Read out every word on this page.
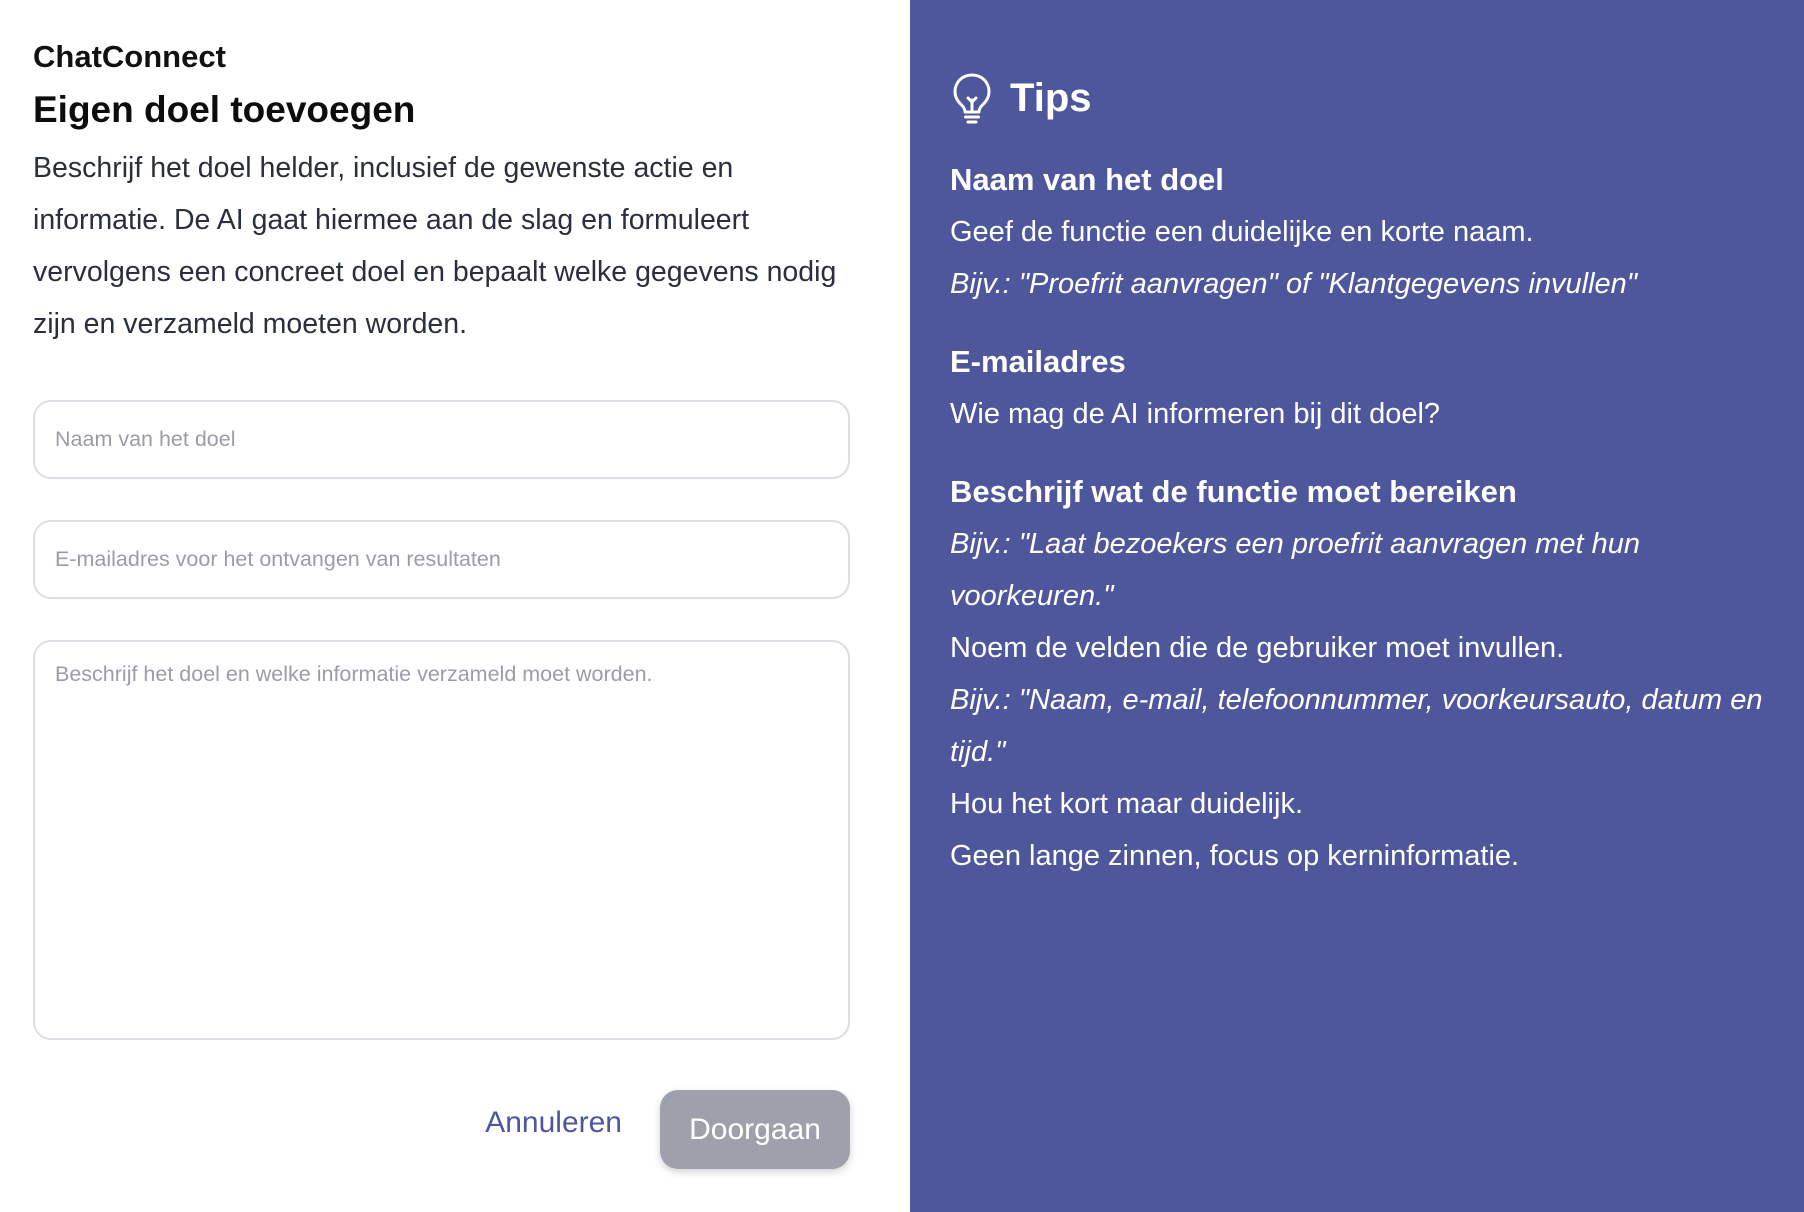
ChatConnect
Eigen doel toevoegen

Beschrijf het doel helder, inclusief de gewenste actie en informatie. De AI gaat hiermee aan de slag en formuleert vervolgens een concreet doel en bepaalt welke gegevens nodig zijn en verzameld moeten worden.

Naam van het doel
E-mailadres voor het ontvangen van resultaten
Beschrijf het doel en welke informatie verzameld moet worden.
Annuleren	Doorgaan
Tips
Naam van het doel
Geef de functie een duidelijke en korte naam.
Bijv.: "Proefrit aanvragen" of "Klantgegevens invullen"
E-mailadres
Wie mag de AI informeren bij dit doel?
Beschrijf wat de functie moet bereiken
Bijv.: "Laat bezoekers een proefrit aanvragen met hun voorkeuren."
Noem de velden die de gebruiker moet invullen.
Bijv.: "Naam, e-mail, telefoonnummer, voorkeursauto, datum en tijd."
Hou het kort maar duidelijk.
Geen lange zinnen, focus op kerninformatie.
